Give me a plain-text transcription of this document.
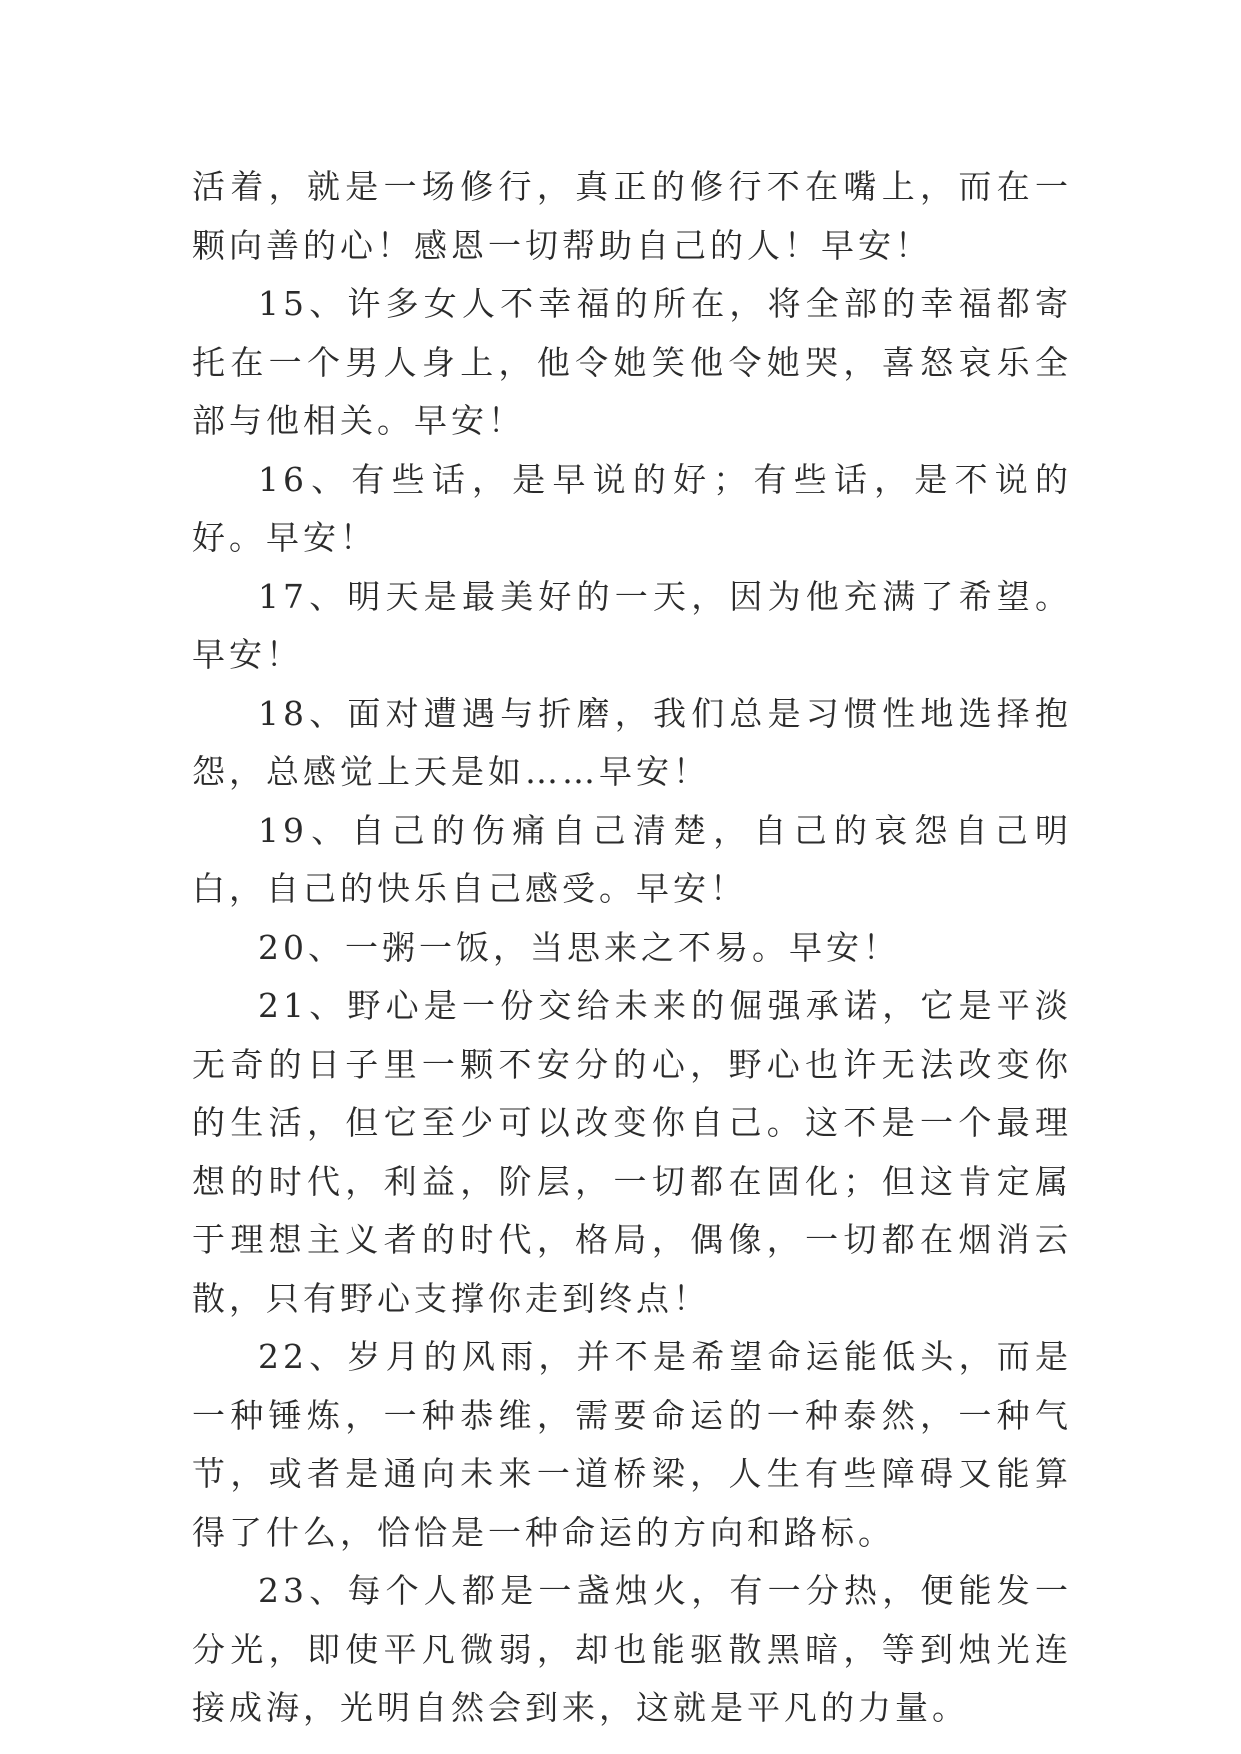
活着，就是一场修行，真正的修行不在嘴上，而在一颗向善的心！感恩一切帮助自己的人！早安！

15、许多女人不幸福的所在，将全部的幸福都寄托在一个男人身上，他令她笑他令她哭，喜怒哀乐全部与他相关。早安！

16、有些话，是早说的好；有些话，是不说的好。早安！

17、明天是最美好的一天，因为他充满了希望。早安！

18、面对遭遇与折磨，我们总是习惯性地选择抱怨，总感觉上天是如……早安！

19、自己的伤痛自己清楚，自己的哀怨自己明白，自己的快乐自己感受。早安！

20、一粥一饭，当思来之不易。早安！

21、野心是一份交给未来的倔强承诺，它是平淡无奇的日子里一颗不安分的心，野心也许无法改变你的生活，但它至少可以改变你自己。这不是一个最理想的时代，利益，阶层，一切都在固化；但这肯定属于理想主义者的时代，格局，偶像，一切都在烟消云散，只有野心支撑你走到终点！

22、岁月的风雨，并不是希望命运能低头，而是一种锤炼，一种恭维，需要命运的一种泰然，一种气节，或者是通向未来一道桥梁，人生有些障碍又能算得了什么，恰恰是一种命运的方向和路标。

23、每个人都是一盏烛火，有一分热，便能发一分光，即使平凡微弱，却也能驱散黑暗，等到烛光连接成海，光明自然会到来，这就是平凡的力量。
